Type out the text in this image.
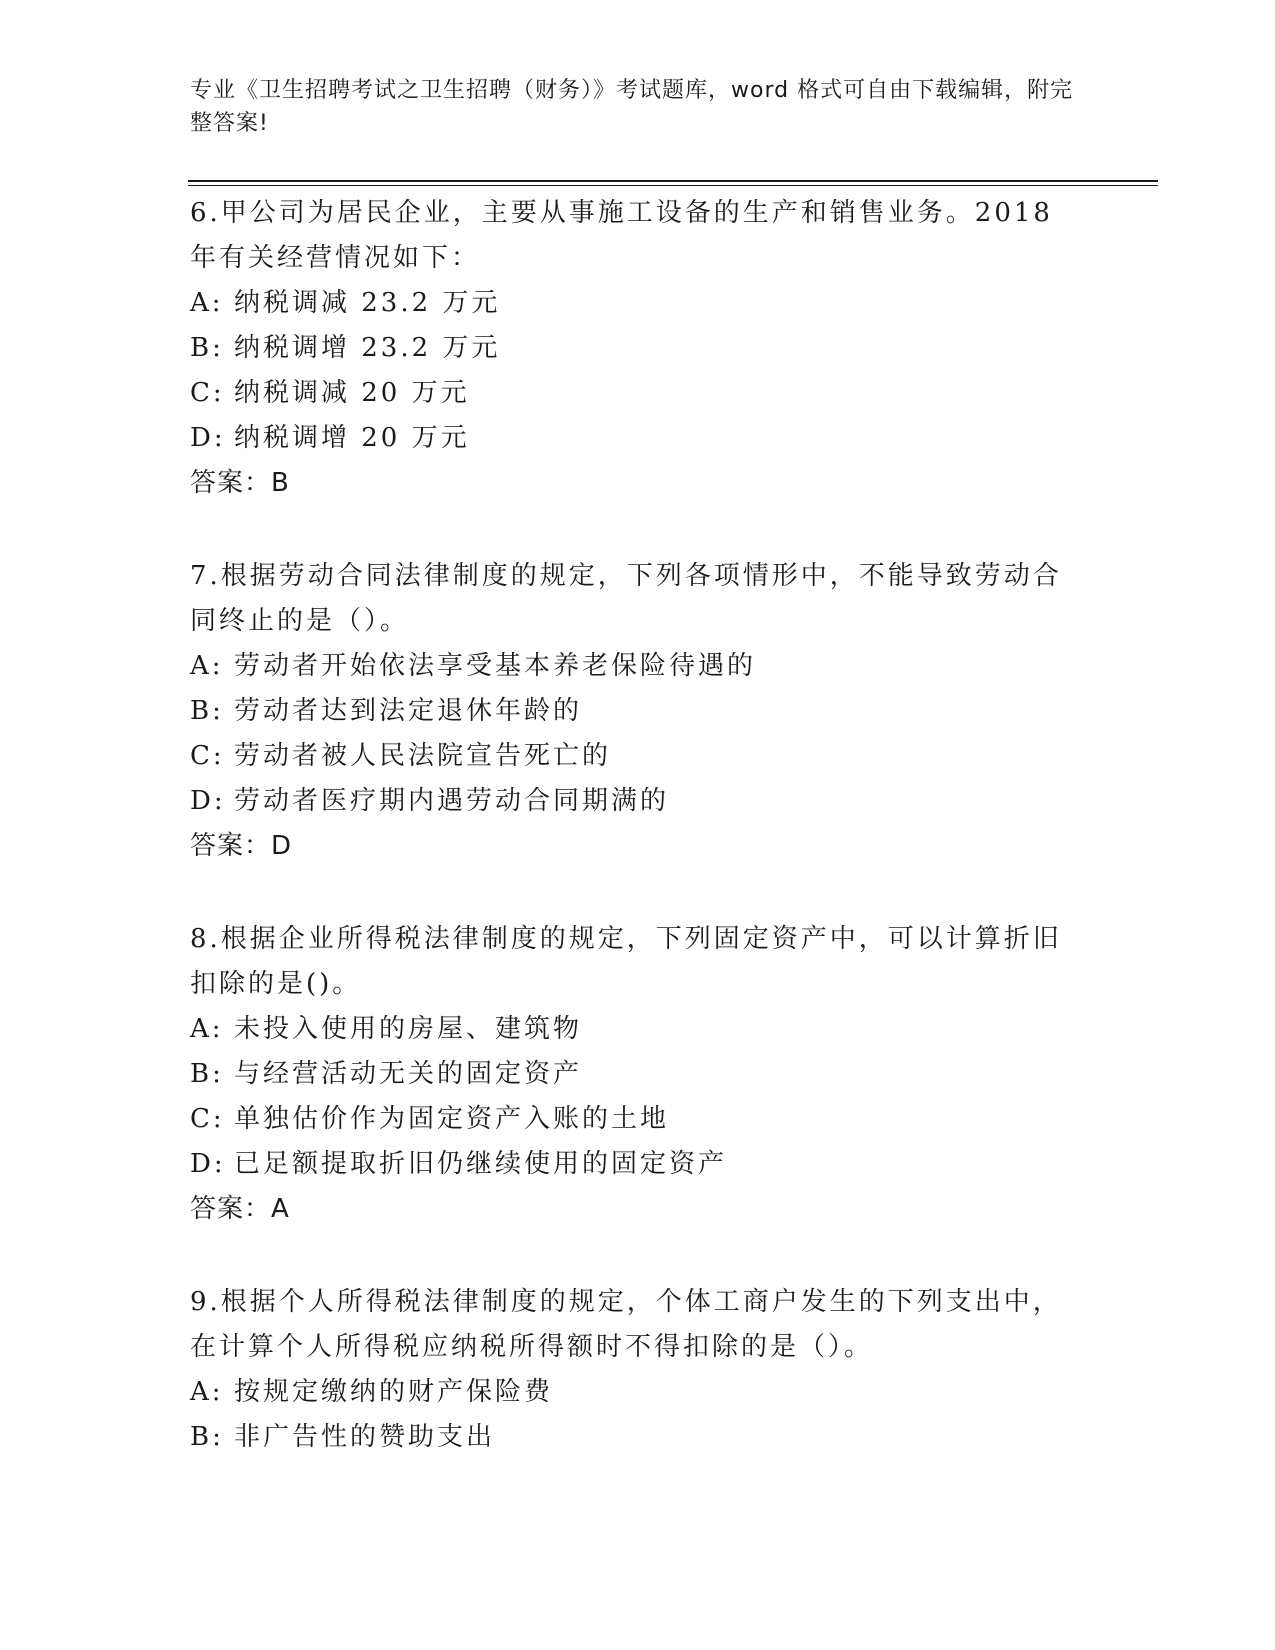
专业《卫生招聘考试之卫生招聘（财务）》考试题库，word 格式可自由下载编辑，附完整答案!

6.甲公司为居民企业，主要从事施工设备的生产和销售业务。2018 年有关经营情况如下：

A: 纳税调减 23.2 万元

B: 纳税调增 23.2 万元

C: 纳税调减 20 万元

D: 纳税调增 20 万元

答案：B

7.根据劳动合同法律制度的规定，下列各项情形中，不能导致劳动合同终止的是（）。

A: 劳动者开始依法享受基本养老保险待遇的

B: 劳动者达到法定退休年龄的

C: 劳动者被人民法院宣告死亡的

D: 劳动者医疗期内遇劳动合同期满的

答案：D

8.根据企业所得税法律制度的规定，下列固定资产中，可以计算折旧扣除的是()。

A: 未投入使用的房屋、建筑物

B: 与经营活动无关的固定资产

C: 单独估价作为固定资产入账的土地

D: 已足额提取折旧仍继续使用的固定资产

答案：A

9.根据个人所得税法律制度的规定，个体工商户发生的下列支出中，在计算个人所得税应纳税所得额时不得扣除的是（）。

A: 按规定缴纳的财产保险费

B: 非广告性的赞助支出
